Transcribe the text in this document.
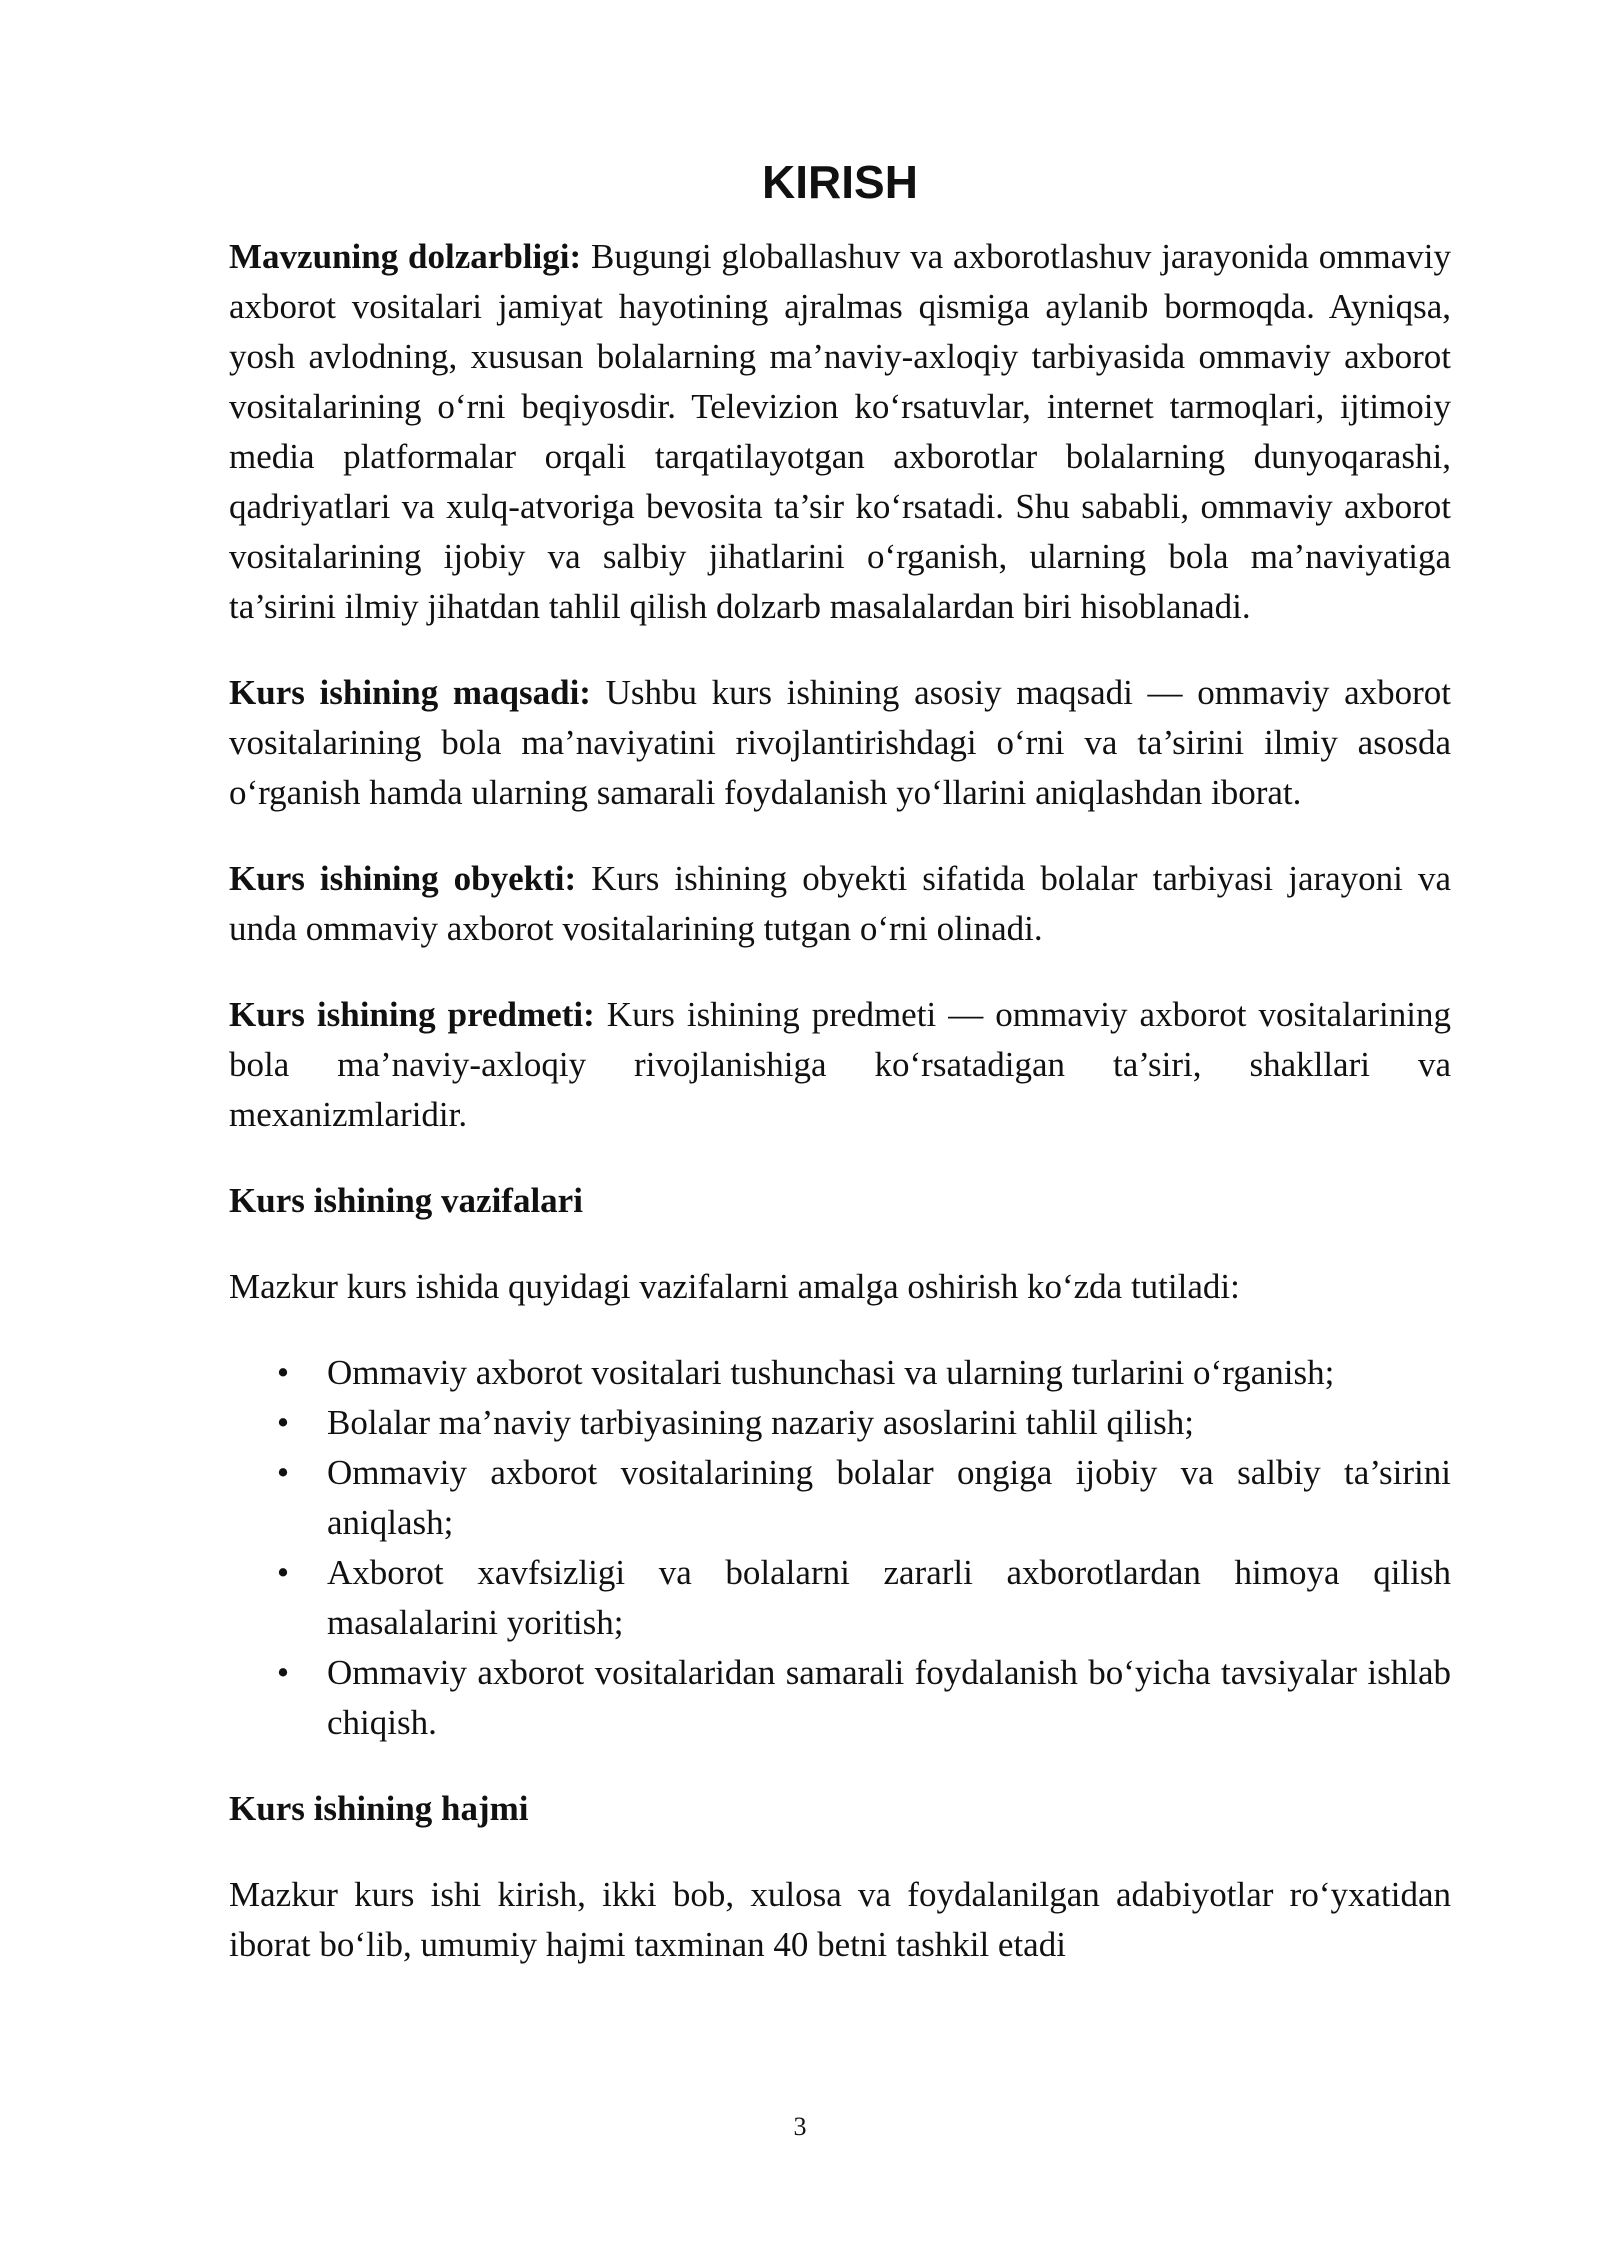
KIRISH

Mavzuning dolzarbligi: Bugungi globallashuv va axborotlashuv jarayonida ommaviy axborot vositalari jamiyat hayotining ajralmas qismiga aylanib bormoqda. Ayniqsa, yosh avlodning, xususan bolalarning ma’naviy-axloqiy tarbiyasida ommaviy axborot vositalarining o‘rni beqiyosdir. Televizion ko‘rsatuvlar, internet tarmoqlari, ijtimoiy media platformalar orqali tarqatilayotgan axborotlar bolalarning dunyoqarashi, qadriyatlari va xulq-atvoriga bevosita ta’sir ko‘rsatadi. Shu sababli, ommaviy axborot vositalarining ijobiy va salbiy jihatlarini o‘rganish, ularning bola ma’naviyatiga ta’sirini ilmiy jihatdan tahlil qilish dolzarb masalalardan biri hisoblanadi.

Kurs ishining maqsadi: Ushbu kurs ishining asosiy maqsadi — ommaviy axborot vositalarining bola ma’naviyatini rivojlantirishdagi o‘rni va ta’sirini ilmiy asosda o‘rganish hamda ularning samarali foydalanish yo‘llarini aniqlashdan iborat.

Kurs ishining obyekti: Kurs ishining obyekti sifatida bolalar tarbiyasi jarayoni va unda ommaviy axborot vositalarining tutgan o‘rni olinadi.

Kurs ishining predmeti: Kurs ishining predmeti — ommaviy axborot vositalarining bola ma’naviy-axloqiy rivojlanishiga ko‘rsatadigan ta’siri, shakllari va mexanizmlaridir.

Kurs ishining vazifalari

Mazkur kurs ishida quyidagi vazifalarni amalga oshirish ko‘zda tutiladi:

• Ommaviy axborot vositalari tushunchasi va ularning turlarini o‘rganish;
• Bolalar ma’naviy tarbiyasining nazariy asoslarini tahlil qilish;
• Ommaviy axborot vositalarining bolalar ongiga ijobiy va salbiy ta’sirini aniqlash;
• Axborot xavfsizligi va bolalarni zararli axborotlardan himoya qilish masalalarini yoritish;
• Ommaviy axborot vositalaridan samarali foydalanish bo‘yicha tavsiyalar ishlab chiqish.

Kurs ishining hajmi

Mazkur kurs ishi kirish, ikki bob, xulosa va foydalanilgan adabiyotlar ro‘yxatidan iborat bo‘lib, umumiy hajmi taxminan 40 betni tashkil etadi

3
